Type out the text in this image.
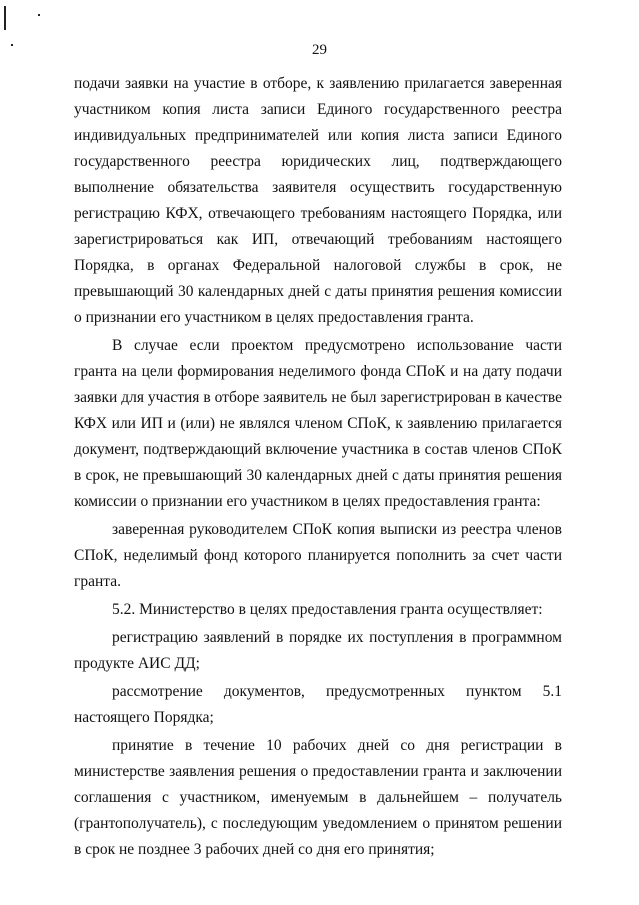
29

подачи заявки на участие в отборе, к заявлению прилагается заверенная участником копия листа записи Единого государственного реестра индивидуальных предпринимателей или копия листа записи Единого государственного реестра юридических лиц, подтверждающего выполнение обязательства заявителя осуществить государственную регистрацию КФХ, отвечающего требованиям настоящего Порядка, или зарегистрироваться как ИП, отвечающий требованиям настоящего Порядка, в органах Федеральной налоговой службы в срок, не превышающий 30 календарных дней с даты принятия решения комиссии о признании его участником в целях предоставления гранта.

В случае если проектом предусмотрено использование части гранта на цели формирования неделимого фонда СПоК и на дату подачи заявки для участия в отборе заявитель не был зарегистрирован в качестве КФХ или ИП и (или) не являлся членом СПоК, к заявлению прилагается документ, подтверждающий включение участника в состав членов СПоК в срок, не превышающий 30 календарных дней с даты принятия решения комиссии о признании его участником в целях предоставления гранта:

заверенная руководителем СПоК копия выписки из реестра членов СПоК, неделимый фонд которого планируется пополнить за счет части гранта.

5.2. Министерство в целях предоставления гранта осуществляет:

регистрацию заявлений в порядке их поступления в программном продукте АИС ДД;

рассмотрение документов, предусмотренных пунктом 5.1 настоящего Порядка;

принятие в течение 10 рабочих дней со дня регистрации в министерстве заявления решения о предоставлении гранта и заключении соглашения с участником, именуемым в дальнейшем – получатель (грантополучатель), с последующим уведомлением о принятом решении в срок не позднее 3 рабочих дней со дня его принятия;
